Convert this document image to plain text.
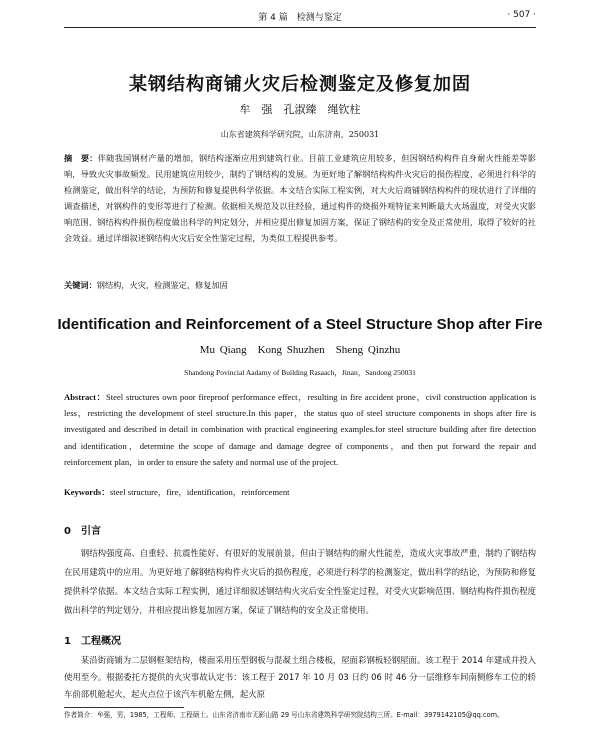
第 4 篇　检测与鉴定	· 507 ·
某钢结构商铺火灾后检测鉴定及修复加固
牟　强　孔淑臻　绳钦柱
山东省建筑科学研究院，山东济南，250031
摘　要：伴随我国钢材产量的增加，钢结构逐渐应用到建筑行业。目前工业建筑应用较多，但因钢结构构件自身耐火性能差等影响，导致火灾事故频发。民用建筑应用较少，制约了钢结构的发展。为更好地了解钢结构构件火灾后的损伤程度，必须进行科学的检测鉴定，做出科学的结论，为预防和修复提供科学依据。本文结合实际工程实例，对大火后商铺钢结构构件的现状进行了详细的调查描述，对钢构件的变形等进行了检测。依据相关规范及以往经验，通过构件的烧损外观特征来判断最大火场温度，对受火灾影响范围、钢结构构件损伤程度做出科学的判定划分，并相应提出修复加固方案，保证了钢结构的安全及正常使用，取得了较好的社会效益。通过详细叙述钢结构火灾后安全性鉴定过程，为类似工程提供参考。
关键词：钢结构，火灾，检测鉴定，修复加固
Identification and Reinforcement of a Steel Structure Shop after Fire
Mu Qiang　Kong Shuzhen　Sheng Qinzhu
Shandong Povincial Aadamy of Building Rasaach，Jinan，Sandong 250031
Abstract：Steel structures own poor fireproof performance effect，resulting in fire accident prone，civil construction application is less，restricting the development of steel structure.In this paper，the status quo of steel structure components in shops after fire is investigated and described in detail in combination with practical engineering examples.for steel structure building after fire detection and identification，determine the scope of damage and damage degree of components，and then put forward the repair and reinforcement plan，in order to ensure the safety and normal use of the project.
Keywords：steel structure，fire，identification，reinforcement
0　引言
钢结构强度高、自重轻、抗震性能好、有很好的发展前景，但由于钢结构的耐火性能差，造成火灾事故严重，制约了钢结构在民用建筑中的应用。为更好地了解钢结构构件火灾后的损伤程度，必须进行科学的检测鉴定，做出科学的结论，为预防和修复提供科学依据。本文结合实际工程实例，通过详细叙述钢结构火灾后安全性鉴定过程，对受火灾影响范围、钢结构构件损伤程度做出科学的判定划分，并相应提出修复加固方案，保证了钢结构的安全及正常使用。
1　工程概况
某沿街商铺为二层钢框架结构，楼面采用压型钢板与混凝土组合楼板，屋面彩钢板轻钢屋面。该工程于 2014 年建成并投入使用至今。根据委托方提供的火灾事故认定书：该工程于 2017 年 10 月 03 日约 06 时 46 分一层维修车间南侧修车工位的轿车前部机舱起火，起火点位于该汽车机舱左侧，起火原
作者简介：牟强，男，1985，工程师、工程硕士。山东省济南市无影山路 29 号山东省建筑科学研究院结构三所。E-mail：3979142105@qq.com。
